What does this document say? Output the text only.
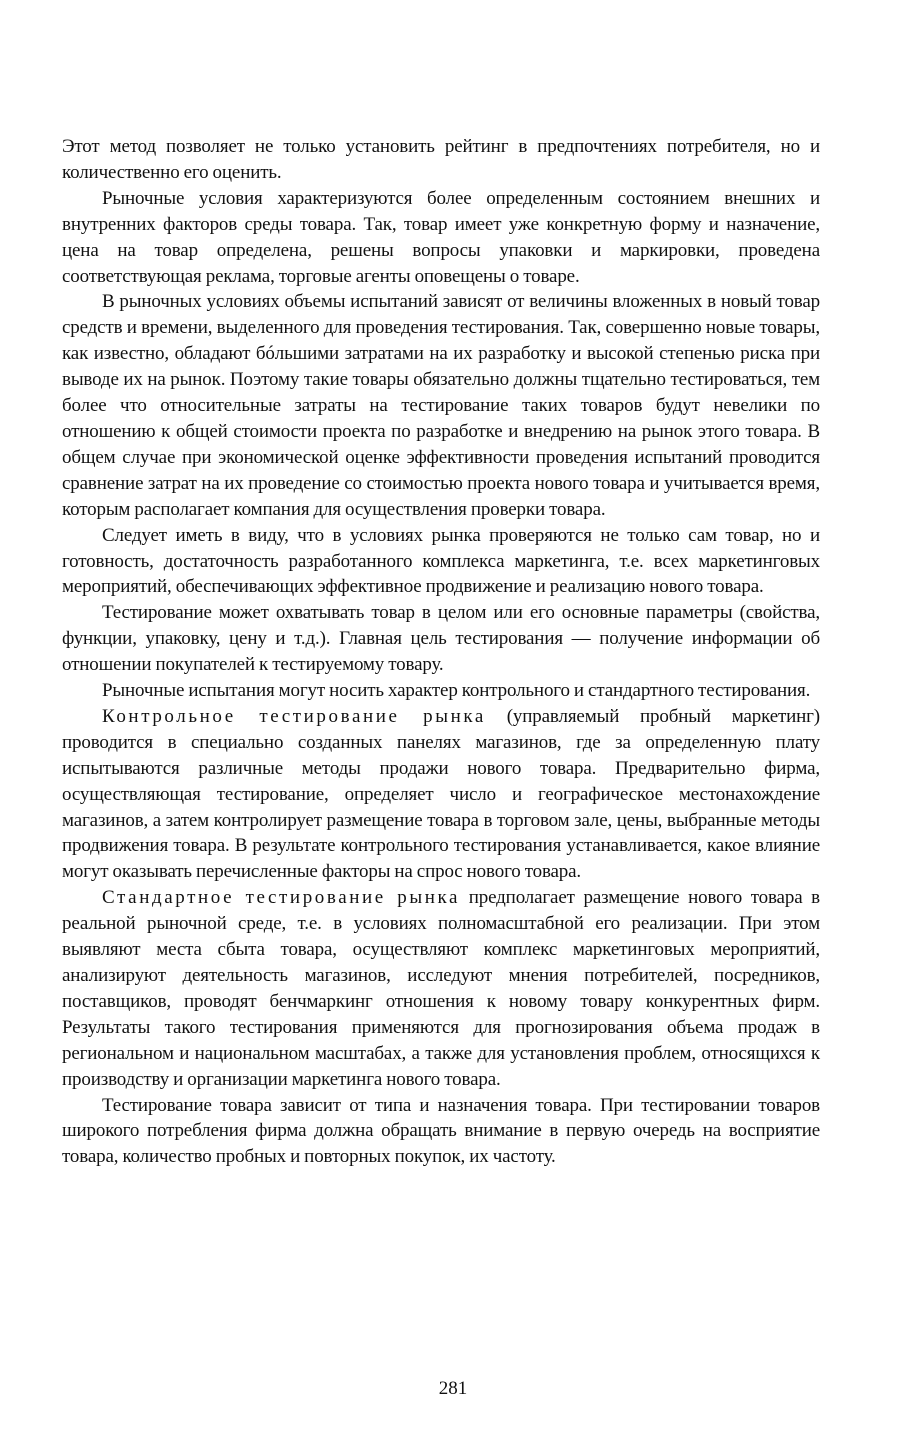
Этот метод позволяет не только установить рейтинг в предпочтениях потребителя, но и количественно его оценить.

Рыночные условия характеризуются более определенным состоянием внешних и внутренних факторов среды товара. Так, товар имеет уже конкретную форму и назначение, цена на товар определена, решены вопросы упаковки и маркировки, проведена соответствующая реклама, торговые агенты оповещены о товаре.

В рыночных условиях объемы испытаний зависят от величины вложенных в новый товар средств и времени, выделенного для проведения тестирования. Так, совершенно новые товары, как известно, обладают бóльшими затратами на их разработку и высокой степенью риска при выводе их на рынок. Поэтому такие товары обязательно должны тщательно тестироваться, тем более что относительные затраты на тестирование таких товаров будут невелики по отношению к общей стоимости проекта по разработке и внедрению на рынок этого товара. В общем случае при экономической оценке эффективности проведения испытаний проводится сравнение затрат на их проведение со стоимостью проекта нового товара и учитывается время, которым располагает компания для осуществления проверки товара.

Следует иметь в виду, что в условиях рынка проверяются не только сам товар, но и готовность, достаточность разработанного комплекса маркетинга, т.е. всех маркетинговых мероприятий, обеспечивающих эффективное продвижение и реализацию нового товара.

Тестирование может охватывать товар в целом или его основные параметры (свойства, функции, упаковку, цену и т.д.). Главная цель тестирования — получение информации об отношении покупателей к тестируемому товару.

Рыночные испытания могут носить характер контрольного и стандартного тестирования.

Контрольное тестирование рынка (управляемый пробный маркетинг) проводится в специально созданных панелях магазинов, где за определенную плату испытываются различные методы продажи нового товара. Предварительно фирма, осуществляющая тестирование, определяет число и географическое местонахождение магазинов, а затем контролирует размещение товара в торговом зале, цены, выбранные методы продвижения товара. В результате контрольного тестирования устанавливается, какое влияние могут оказывать перечисленные факторы на спрос нового товара.

Стандартное тестирование рынка предполагает размещение нового товара в реальной рыночной среде, т.е. в условиях полномасштабной его реализации. При этом выявляют места сбыта товара, осуществляют комплекс маркетинговых мероприятий, анализируют деятельность магазинов, исследуют мнения потребителей, посредников, поставщиков, проводят бенчмаркинг отношения к новому товару конкурентных фирм. Результаты такого тестирования применяются для прогнозирования объема продаж в региональном и национальном масштабах, а также для установления проблем, относящихся к производству и организации маркетинга нового товара.

Тестирование товара зависит от типа и назначения товара. При тестировании товаров широкого потребления фирма должна обращать внимание в первую очередь на восприятие товара, количество пробных и повторных покупок, их частоту.

281
